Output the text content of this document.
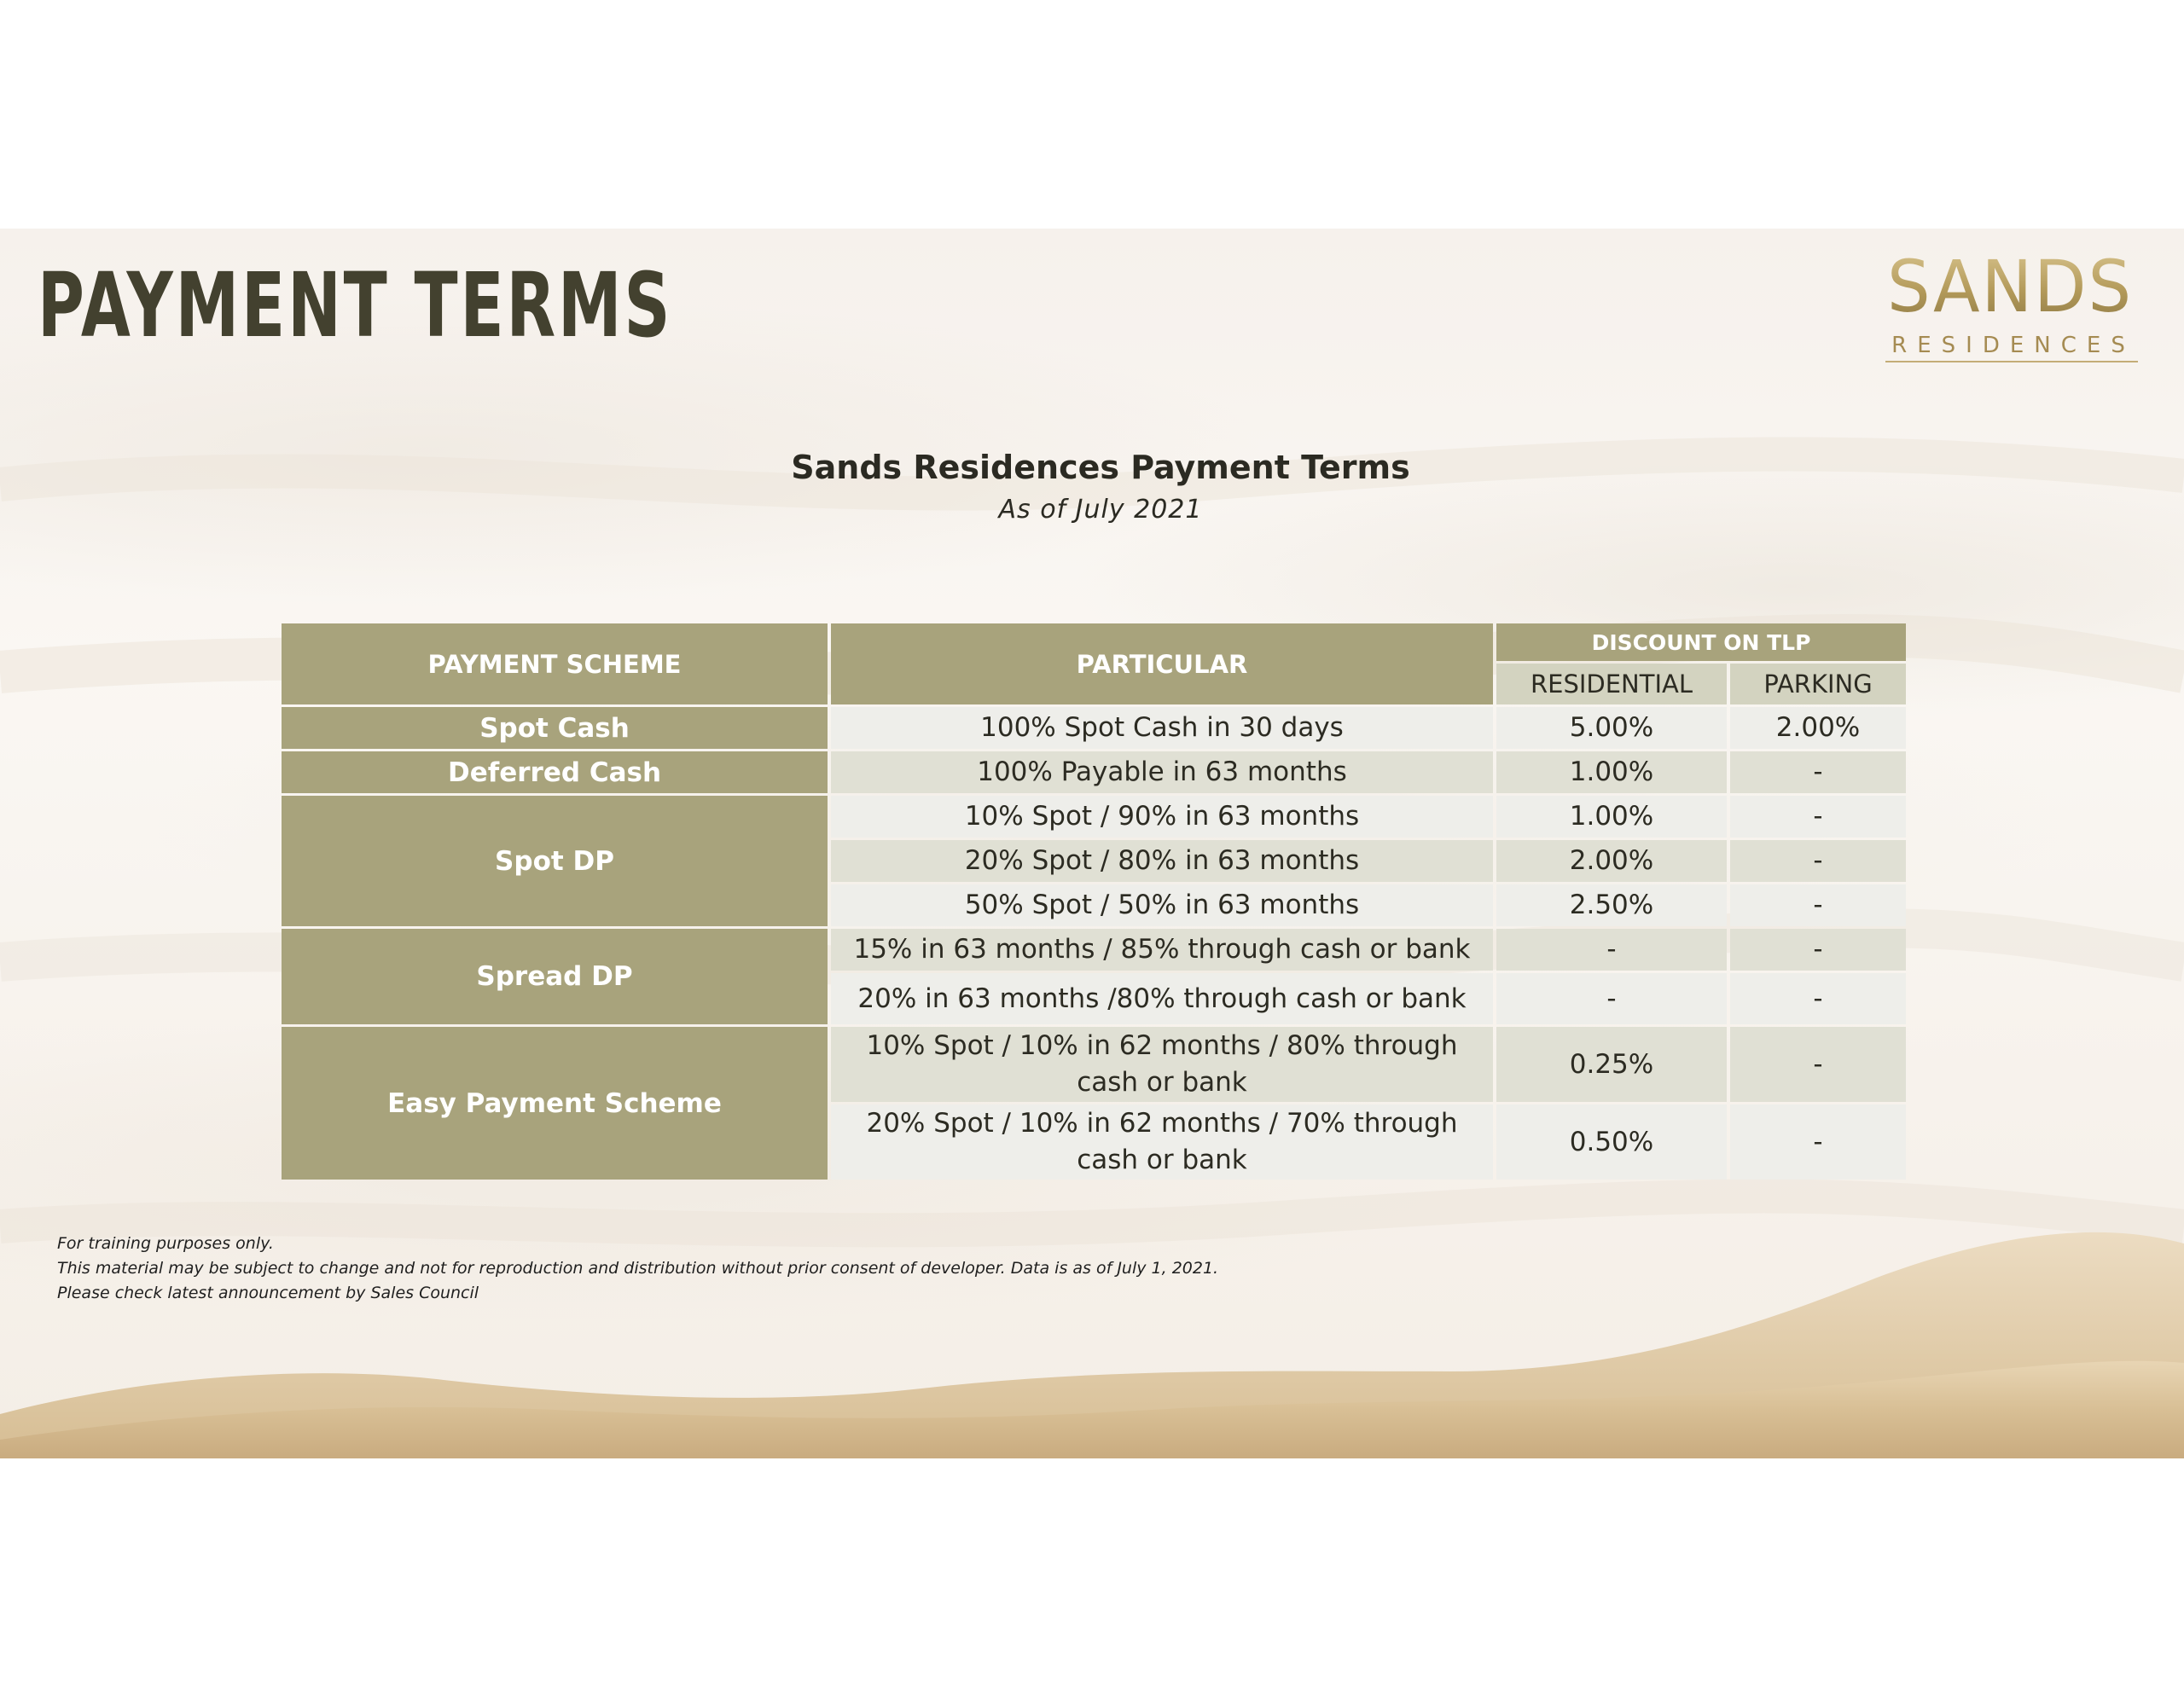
PAYMENT TERMS	SANDS
RESIDENCES
Sands Residences Payment Terms
As of July 2021
PAYMENT SCHEME	PARTICULAR	DISCOUNT ON TLP	
		RESIDENTIAL	PARKING
Spot Cash	100% Spot Cash in 30 days	5.00%	2.00%
Deferred Cash	100% Payable in 63 months	1.00%	-
Spot DP	10% Spot / 90% in 63 months	1.00%	-
	20% Spot / 80% in 63 months	2.00%	-
	50% Spot / 50% in 63 months	2.50%	-
Spread DP	15% in 63 months / 85% through cash or bank	-	-
	20% in 63 months /80% through cash or bank	-	-
Easy Payment Scheme	10% Spot / 10% in 62 months / 80% through cash or bank	0.25%	-

	20% Spot / 10% in 62 months / 70% through cash or bank	0.50%	-
For training purposes only.
This material may be subject to change and not for reproduction and distribution without prior consent of developer. Data is as of July 1, 2021.
Please check latest announcement by Sales Council
